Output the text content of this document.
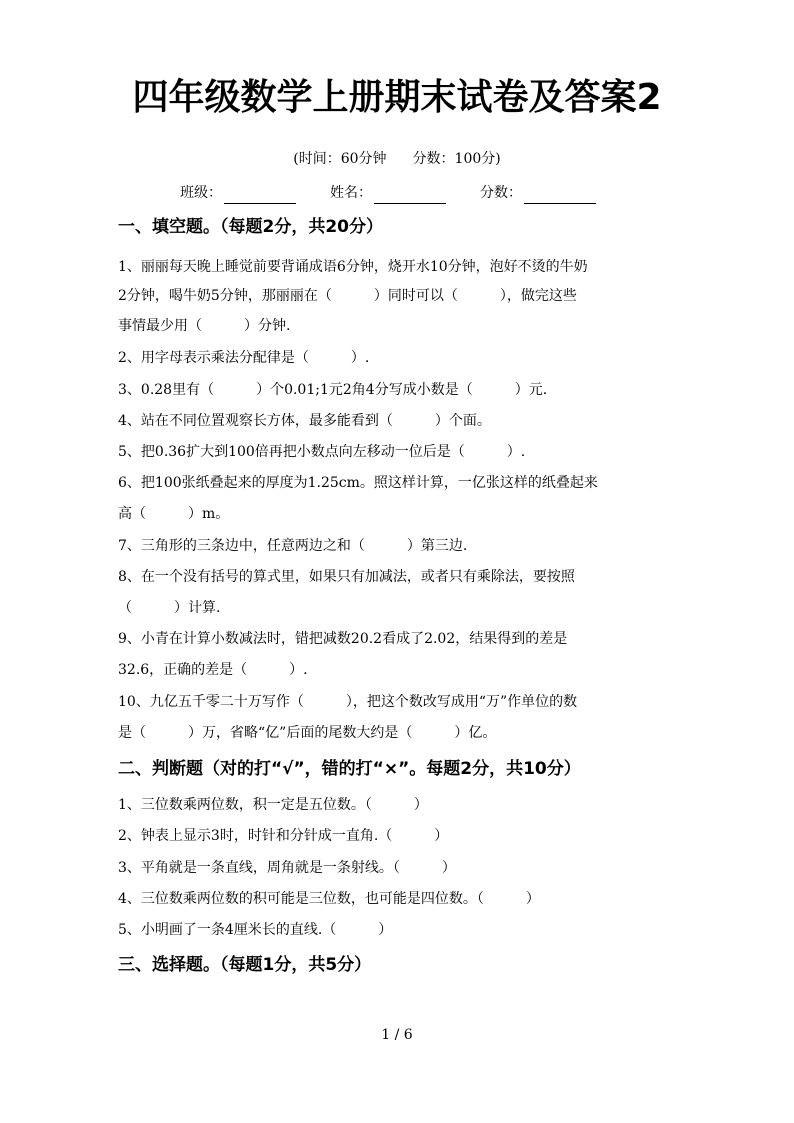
四年级数学上册期末试卷及答案2
(时间：60分钟 分数：100分)
班级：	姓名：	分数：
一、填空题。（每题2分，共20分）
1、丽丽每天晚上睡觉前要背诵成语6分钟，烧开水10分钟，泡好不烫的牛奶
2分钟，喝牛奶5分钟，那丽丽在（　　　）同时可以（　　　），做完这些
事情最少用（　　　）分钟.
2、用字母表示乘法分配律是（　　　）.
3、0.28里有（　　　）个0.01;1元2角4分写成小数是（　　　）元.
4、站在不同位置观察长方体，最多能看到（　　　）个面。
5、把0.36扩大到100倍再把小数点向左移动一位后是（　　　）.
6、把100张纸叠起来的厚度为1.25cm。照这样计算，一亿张这样的纸叠起来
高（　　　）m。
7、三角形的三条边中，任意两边之和（　　　）第三边.
8、在一个没有括号的算式里，如果只有加减法，或者只有乘除法，要按照
（　　　）计算.
9、小青在计算小数减法时，错把减数20.2看成了2.02，结果得到的差是
32.6，正确的差是（　　　）.
10、九亿五千零二十万写作（　　　），把这个数改写成用“万”作单位的数
是（　　　）万，省略“亿”后面的尾数大约是（　　　）亿。
二、判断题（对的打“√”，错的打“×”。每题2分，共10分）
1、三位数乘两位数，积一定是五位数。（　　　）
2、钟表上显示3时，时针和分针成一直角.（　　　）
3、平角就是一条直线，周角就是一条射线。（　　　）
4、三位数乘两位数的积可能是三位数，也可能是四位数。（　　　）
5、小明画了一条4厘米长的直线.（　　　）
三、选择题。（每题1分，共5分）
1 / 6
